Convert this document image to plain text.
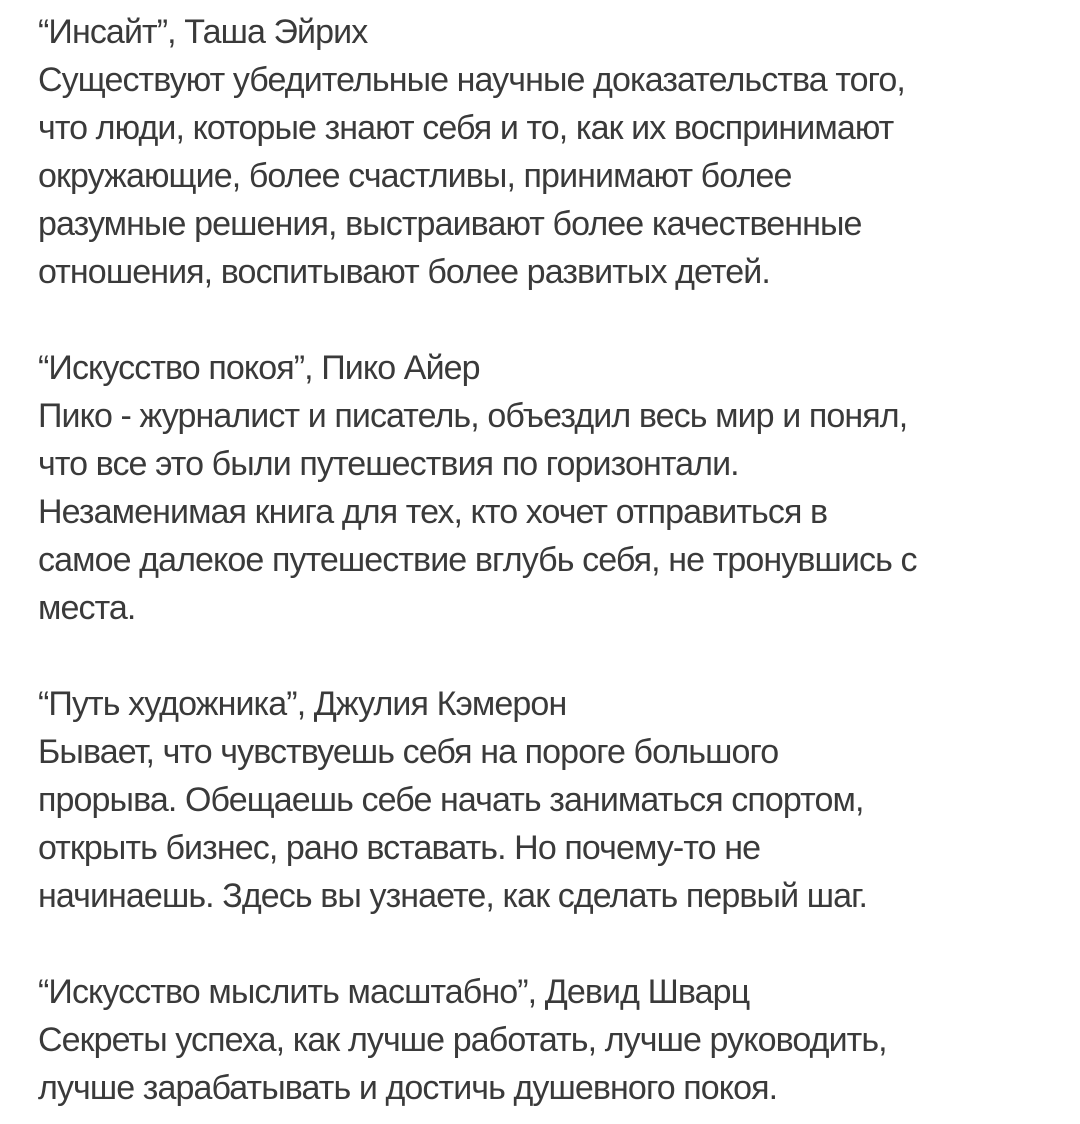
“Инсайт”, Таша Эйрих
Существуют убедительные научные доказательства того,
что люди, которые знают себя и то, как их воспринимают
окружающие, более счастливы, принимают более
разумные решения, выстраивают более качественные
отношения, воспитывают более развитых детей.
“Искусство покоя”, Пико Айер
Пико - журналист и писатель, объездил весь мир и понял,
что все это были путешествия по горизонтали.
Незаменимая книга для тех, кто хочет отправиться в
самое далекое путешествие вглубь себя, не тронувшись с
места.
“Путь художника”, Джулия Кэмерон
Бывает, что чувствуешь себя на пороге большого
прорыва. Обещаешь себе начать заниматься спортом,
открыть бизнес, рано вставать. Но почему-то не
начинаешь. Здесь вы узнаете, как сделать первый шаг.
“Искусство мыслить масштабно”, Девид Шварц
Секреты успеха, как лучше работать, лучше руководить,
лучше зарабатывать и достичь душевного покоя.
